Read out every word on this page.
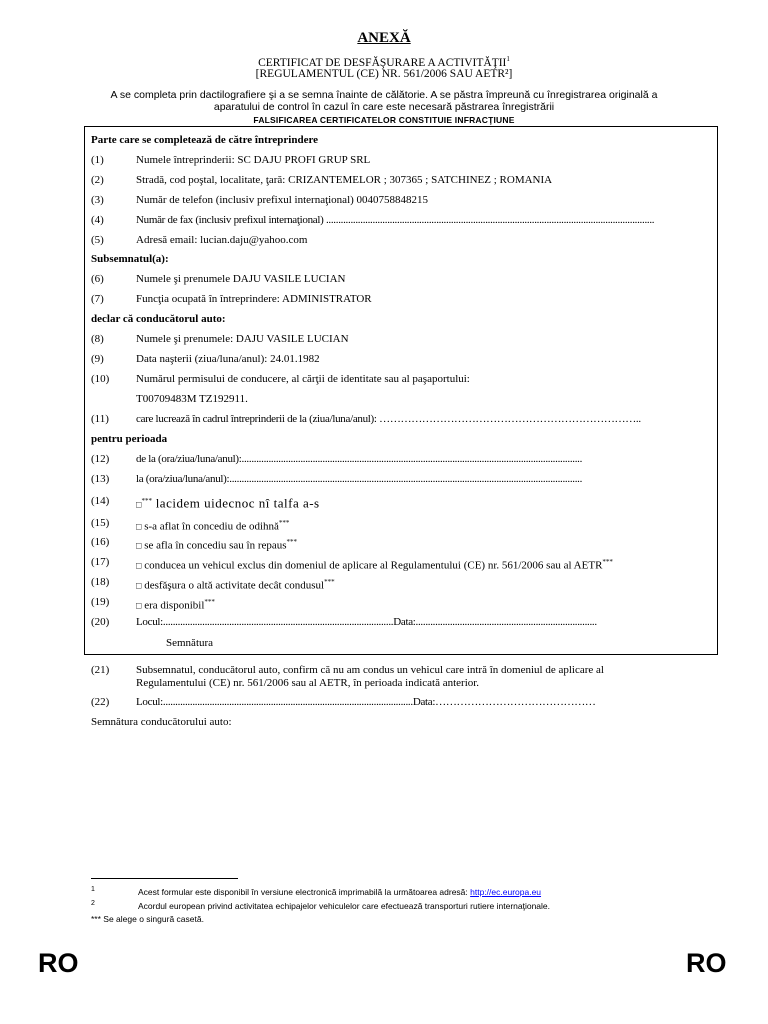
ANEXĂ
CERTIFICAT DE DESFĂŞURARE A ACTIVITĂŢII$^1$
[REGULAMENTUL (CE) NR. 561/2006 SAU AETR²]
A se completa prin dactilografiere şi a se semna înainte de călătorie. A se păstra împreună cu înregistrarea originală a
aparatului de control în cazul în care este necesară păstrarea înregistrării
FALSIFICAREA CERTIFICATELOR CONSTITUIE INFRACŢIUNE
Parte care se completează de către întreprindere
(1)	Numele întreprinderii: SC DAJU PROFI GRUP SRL
(2)	Stradă, cod poştal, localitate, ţară: CRIZANTEMELOR ; 307365 ; SATCHINEZ ; ROMANIA
(3)	Număr de telefon (inclusiv prefixul internaţional) 0040758848215
(4)	Număr de fax (inclusiv prefixul internaţional) ......................................................................................................................................
(5)	Adresă email: lucian.daju@yahoo.com
Subsemnatul(a):
(6)	Numele şi prenumele DAJU VASILE LUCIAN
(7)	Funcţia ocupată în întreprindere: ADMINISTRATOR
declar că conducătorul auto:
(8)	Numele şi prenumele: DAJU VASILE LUCIAN
(9)	Data naşterii (ziua/luna/anul): 24.01.1982
(10) Numărul permisului de conducere, al cărţii de identitate sau al paşaportului:
T00709483M TZ192911.
(11) care lucrează în cadrul întreprinderii de la (ziua/luna/anul): ………………………………………………………………..
pentru perioada
(12) de la (ora/ziua/luna/anul):...........................................................................................................................................
(13) la (ora/ziua/luna/anul):................................................................................................................................................
(14)	□*** lacidem uidecnoc nî talfa a-s
(15)	□ s-a aflat în concediu de odihnă***
(16)	□ se afla în concediu sau în repaus***
(17)	□ conducea un vehicul exclus din domeniul de aplicare al Regulamentului (CE) nr. 561/2006 sau al AETR***
(18)	□ desfăşura o altă activitate decât condusul***
(19)	□ era disponibil***
(20) Locul:..............................................................................................Data:..........................................................................
Semnătura
(21) Subsemnatul, conducătorul auto, confirm că nu am condus un vehicul care intră în domeniul de aplicare al
Regulamentului (CE) nr. 561/2006 sau al AETR, în perioada indicată anterior.
(22) Locul:......................................................................................................Data:………………………………………
Semnătura conducătorului auto:
1	Acest formular este disponibil în versiune electronică imprimabilă la următoarea adresă: http://ec.europa.eu
2	Acordul european privind activitatea echipajelor vehiculelor care efectuează transporturi rutiere internaţionale.
*** Se alege o singură casetă.
RO	RO
